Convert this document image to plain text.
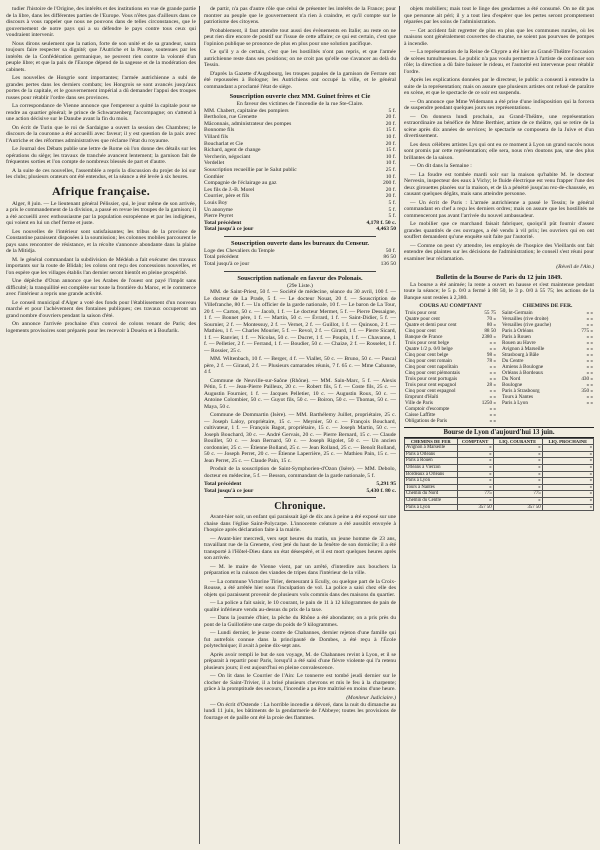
tudier l'histoire de l'Origine, des intérêts et des institutions en vue de grande partie de la libre, dans les différentes parties de l'Europe. Vous n'êtes pas d'ailleurs dans ce discours à vous rappeler que nous ne pouvons dans de telles circonstances, que le gouvernement de notre pays qui a su défendre le pays contre tous ceux qui voudraient intervenir.

Nous dirons seulement que la nation, forte de son unité et de sa grandeur, saura toujours faire respecter sa dignité; que l'Autriche et la Prusse, soutenues par les intérêts de la Confédération germanique, ne peuvent rien contre la volonté d'un peuple libre; et que la paix de l'Europe dépend de la sagesse et de la modération des cabinets.

Les nouvelles de Hongrie sont importantes; l'armée autrichienne a subi de grandes pertes dans les derniers combats; les Hongrois se sont avancés jusqu'aux portes de la capitale, et le gouvernement impérial a dû demander l'appui des troupes russes pour rétablir l'ordre dans ses provinces.

La correspondance de Vienne annonce que l'empereur a quitté la capitale pour se rendre au quartier général; le prince de Schwarzenberg l'accompagne; on s'attend à une action décisive sur le Danube avant la fin du mois.

On écrit de Turin que le roi de Sardaigne a ouvert la session des Chambres; le discours de la couronne a été accueilli avec faveur; il y est question de la paix avec l'Autriche et des réformes administratives que réclame l'état du royaume.

Le Journal des Débats publie une lettre de Rome où l'on donne des détails sur les opérations du siège; les travaux de tranchée avancent lentement; la garnison fait de fréquentes sorties et l'on compte de nombreux blessés de part et d'autre.

A la suite de ces nouvelles, l'assemblée a repris la discussion du projet de loi sur les clubs; plusieurs orateurs ont été entendus, et la séance a été levée à six heures.

Afrique française.

Alger, 8 juin. — Le lieutenant général Pélissier, qui, le jour même de son arrivée, a pris le commandement de la division, a passé en revue les troupes de la garnison; il a été accueilli avec enthousiasme par la population européenne et par les indigènes, qui voient en lui un chef ferme et juste.

Les nouvelles de l'intérieur sont satisfaisantes; les tribus de la province de Constantine paraissent disposées à la soumission; les colonnes mobiles parcourent le pays sans rencontrer de résistance, et la récolte s'annonce abondante dans la plaine de la Mitidja.

M. le général commandant la subdivision de Médéah a fait exécuter des travaux importants sur la route de Blidah; les colons ont reçu des concessions nouvelles, et l'on espère que les villages établis l'an dernier seront bientôt en pleine prospérité.

Une dépêche d'Oran annonce que les Arabes de l'ouest ont payé l'impôt sans difficulté; la tranquillité est complète sur toute la frontière du Maroc, et le commerce avec l'intérieur a repris une grande activité.

Le conseil municipal d'Alger a voté des fonds pour l'établissement d'un nouveau marché et pour l'achèvement des fontaines publiques; ces travaux occuperont un grand nombre d'ouvriers pendant la saison d'été.

On annonce l'arrivée prochaine d'un convoi de colons venant de Paris; des logements provisoires sont préparés pour les recevoir à Douéra et à Boufarik.

de partir, n'a pas d'autre rôle que celui de présenter les intérêts de la France; pour montrer au peuple que le gouvernement n'a rien à craindre, et qu'il compte sur le patriotisme des citoyens.

Probablement, il faut attendre tout aussi des évènements en Italie; au reste on ne peut rien dire encore de positif sur l'issue de cette affaire; ce qui est certain, c'est que l'opinion publique se prononce de plus en plus pour une solution pacifique.

Ce qu'il y a de certain, c'est que les hostilités n'ont pas repris, et que l'armée autrichienne reste dans ses positions; on ne croit pas qu'elle ose s'avancer au delà du Tessin.

D'après la Gazette d'Augsbourg, les troupes papales de la garnison de Ferrare ont été repoussées à Bologne; les Autrichiens ont occupé la ville, et le général commandant a proclamé l'état de siège.

Souscription ouverte chez MM. Guinet frères et Cie
En faveur des victimes de l'incendie de la rue Ste-Claire.
MM. Chabert, capitaine des pompiers	5 f.
Bertholon, rue Grenette	20 f.
Mâconnais, administrateur des pompes	20 f.
Bonnome fils	15 f.
Villard fils	10 f.
Boucharlat et Cie	20 f.
Richard, agent de change	15 f.
Vercherin, négociant	10 f.
Verdellet	10 f.
Souscription recueillie par le Salut public	25 f.
Gonthier	10 f.
Compagnie de l'éclairage au gaz	200 f.
Les fils de J.-B. Morel	20 f.
Courrier, père et fils	20 f.
Louis Boy	5 f.
Un anonyme	5 f.
Pierre Peyret	5 f.
Total précédent	4,178 f. 50 c.
Total jusqu'à ce jour	4,463 50
Souscription ouverte dans les bureaux du Censeur.
Loge des Chevaliers du Temple	50 f.
Total précédent	86 50
Total jusqu'à ce jour	136 50
Souscription nationale en faveur des Polonais.
(29e Liste.)

MM. de Saint-Priest, 50 f. — Société de médecine, séance du 30 avril, 100 f. — Le docteur de La Prade, 5 f. — Le docteur Nouat, 20 f. — Souscription de Villefranche, 80 f. — Un officier de la garde nationale, 10 f. — Le baron de La Tour, 20 f. — Carton, 50 c. — Jacob, 1 f. — Le docteur Mermet, 5 f. — Pierre Dessaigne, 1 f. — Bonnet père, 1 f. — Martin, 50 c. — Évrard, 1 f. — Saint-Didier, 5 f. — Sournier, 2 f. — Montessuy, 2 f. — Vernet, 2 f. — Guillot, 1 f. — Quinson, 2 f. — Mathieu, 1 f. — Charles Mourier, 5 f. — Revol, 2 f. — Girard, 1 f. — Pierre Sicard, 1 f. — Ranvier, 1 f. — Nicolas, 50 c. — Ducret, 1 f. — Poupin, 1 f. — Chavanne, 1 f. — Pelletier, 2 f. — Ferrand, 1 f. — Boudier, 50 c. — Chaize, 2 f. — Rosselet, 1 f. — Rossier, 25 c.

MM. Wiltenbach, 10 f. — Berger, 4 f. — Viallet, 50 c. — Bruno, 50 c. — Pascal père, 2 f. — Giraud, 2 f. — Plusieurs camarades réunis, 7 f. 65 c. — Mme Cabanne, 4 f.

Commune de Neuville-sur-Saône (Rhône). — MM. Sain-Marc, 5 f. — Alexis Pétin, 5 f. — Jean-Pierre Pailleux, 20 c. — Robert fils, 5 f. — Coste fils, 25 c. — Augustin Fournier, 1 f. — Jacques Pelletier, 10 c. — Augustin Roux, 50 c. — Antoine Colombier, 50 c. — Guyot fils, 50 c. — Boiron, 50 c. — Thomas, 50 c. — Maya, 50 c.

Commune de Dommartin (Isère). — MM. Barthélemy Juillet, propriétaire, 25 c. — Joseph Laloy, propriétaire, 15 c. — Meynier, 50 c. — François Bouchard, cultivateur, 1 f. — François Bagot, propriétaire, 15 c. — Joseph Martin, 50 c. — Joseph Bouchard, 30 c. — André Gervais, 20 c. — Pierre Bernard, 15 c. — Claude Bouillet, 50 c. — Jean Bernard, 50 c. — Joseph Rigolet, 50 c. — Un ancien cordonnier, 25 c. — Étienne Bolland, 25 c. — Jean Rolland, 25 c. — Benoît Rolland, 50 c. — Joseph Perret, 20 c. — Étienne Laperrière, 25 c. — Mathieu Pain, 15 c. — Jean Perret, 25 c. — Claude Pain, 15 c.

Produit de la souscription de Saint-Symphorien-d'Ozon (Isère). — MM. Debolo, docteur en médecine, 5 f. — Besson, commandant de la garde nationale, 5 f.

Total précédent	5,291 95
Total jusqu'à ce jour	5,430 f. 80 c.
Chronique.

Avant-hier soir, un enfant qui paraissait âgé de dix ans à peine a été exposé sur une chaise dans l'église Saint-Polycarpe. L'innocente créature a été aussitôt envoyée à l'hospice après déclaration faite à la mairie.

— Avant-hier mercredi, vers sept heures du matin, un jeune homme de 23 ans, travaillant rue de la Grenette, s'est jeté du haut de la fenêtre de son domicile; il a été transporté à l'Hôtel-Dieu dans un état désespéré, et il est mort quelques heures après son arrivée.

— M. le maire de Vienne vient, par un arrêté, d'interdire aux bouchers la préparation et la cuisson des viandes de tripes dans l'intérieur de la ville.

— La commune Victorine Tirier, demeurant à Ecully, ou quelque part de la Croix-Rousse, a été arrêtée hier sous l'inculpation de vol. La police a saisi chez elle des objets qui paraissent provenir de plusieurs vols commis dans des maisons du quartier.

— La police a fait saisir, le 10 courant, le pain de 11 à 12 kilogrammes de pain de qualité inférieure vendu au-dessus du prix de la taxe.

— Dans la journée d'hier, la pêche du Rhône a été abondante; on a pris près du pont de la Guillotière une carpe du poids de 9 kilogrammes.

— Lundi dernier, le jeune contre de Chabannes, dernier rejeton d'une famille qui fut autrefois connue dans la principauté de Dombes, a été reçu à l'École polytechnique; il avait à peine dix-sept ans.

Après avoir rempli le but de son voyage, M. de Chabannes revint à Lyon, et il se préparait à repartir pour Paris, lorsqu'il a été saisi d'une fièvre violente qui l'a retenu plusieurs jours; il est aujourd'hui en pleine convalescence.

— On lit dans le Courrier de l'Ain: Le tonnerre est tombé jeudi dernier sur le clocher de Saint-Trivier, il a brisé plusieurs chevrons et mis le feu à la charpente; grâce à la promptitude des secours, l'incendie a pu être maîtrisé en moins d'une heure.

(Moniteur Judiciaire.)

— On écrit d'Ostende : La horrible incendie a dévoré, dans la nuit du dimanche au lundi 11 juin, les bâtiments de la gendarmerie de l'Abbeye; toutes les provisions de fourrage et de paille ont été la proie des flammes.

objets mobiliers; mais tout le linge des gendarmes a été consumé. On ne dit pas que personne ait péri; il y a tout lieu d'espérer que les pertes seront promptement réparées par les soins de l'administration.

— Cet accident fait regretter de plus en plus que les communes rurales, où les maisons sont généralement couvertes de chaume, ne soient pas pourvues de pompes à incendie.

— La représentation de la Reine de Chypre a été hier au Grand-Théâtre l'occasion de scènes tumultueuses. Le public n'a pas voulu permettre à l'artiste de continuer son rôle; la direction a dû faire baisser le rideau, et l'autorité est intervenue pour rétablir l'ordre.

Après les explications données par le directeur, le public a consenti à entendre la suite de la représentation; mais on assure que plusieurs artistes ont refusé de paraître en scène, et que le spectacle de ce soir est suspendu.

— On annonce que Mme Widemann a été prise d'une indisposition qui la forcera de suspendre pendant quelques jours ses représentations.

— On donnera lundi prochain, au Grand-Théâtre, une représentation extraordinaire au bénéfice de Mme Berthier, artiste de ce théâtre, qui se retire de la scène après dix années de services; le spectacle se composera de la Juive et d'un divertissement.

Les deux célèbres artistes Lys qui ont eu ce moment à Lyon un grand succès nous sont promis par cette représentation; elle sera, nous n'en doutons pas, une des plus brillantes de la saison.

— On dit dans la Semaine :

— La foudre est tombée mardi soir sur la maison qu'habite M. le docteur Nervesin, inspecteur des eaux à Vichy; le fluide électrique est venu frapper l'une des deux girouettes placées sur la maison, et de là a pénétré jusqu'au rez-de-chaussée, en causant quelques dégâts, mais sans atteindre personne.

— Un écrit de Paris : L'armée autrichienne a passé le Tessin; le général commandant en chef a reçu les derniers ordres; mais on assure que les hostilités ne commenceront pas avant l'arrivée du nouvel ambassadeur.

Le mobilier que ce marchand faisait fabriquer, quoiqu'il pût fournir d'assez grandes quantités de ces ouvrages, a été vendu à vil prix; les ouvriers qui en ont souffert demandent qu'une enquête soit faite par l'autorité.

— Comme on peut s'y attendre, les employés de l'hospice des Vieillards ont fait entendre des plaintes sur les décisions de l'administration; le conseil s'est réuni pour examiner leur réclamation.

(Réveil de l'Ain.)
Bulletin de la Bourse de Paris du 12 juin 1849.

La bourse a été animée; la rente a ouvert en hausse et s'est maintenue pendant toute la séance; le 5 p. 0/0 a fermé à 88 50, le 3 p. 0/0 à 55 75; les actions de la Banque sont restées à 2,380.

COURS AU COMPTANT
Trois pour cent	55 75
Quatre pour cent	70 »
Quatre et demi pour cent	80 »
Cinq pour cent	88 50
Banque de France	2380 »
Trois pour cent belge	» »
Quatre 1/2 p. 0/0 belge	» »
Cinq pour cent belge	98 »
Cinq pour cent romain	78 »
Cinq pour cent napolitain	» »
Cinq pour cent piémontais	» »
Trois pour cent portugais	» »
Trois pour cent espagnol	28 »
Cinq pour cent espagnol	» »
Emprunt d'Haïti	» »
Ville de Paris	1250 »
Comptoir d'escompte	» »
Caisse Laffitte	» »
Obligations de Paris	» »
CHEMINS DE FER.
Saint-Germain	» »
Versailles (rive droite)	» »
Versailles (rive gauche)	» »
Paris à Orléans	775 »
Paris à Rouen	» »
Rouen au Havre	» »
Avignon à Marseille	» »
Strasbourg à Bâle	» »
Du Centre	» »
Amiens à Boulogne	» »
Orléans à Bordeaux	» »
Du Nord	430 »
Boulogne	» »
Paris à Strasbourg	350 »
Tours à Nantes	» »
Paris à Lyon	» »
Bourse de Lyon d'aujourd'hui 13 juin.
CHEMINS DE FER	COMPTANT	LIQ. COURANTE	LIQ. PROCHAINE
Avignon à Marseille	»	»	»
Paris à Orléans	»	»	»
Paris à Rouen	»	»	»
Orléans à Vierzon	»	»	»
Bordeaux à Orléans	»	»	»
Paris à Lyon	»	»	»
Tours à Nantes	»	»	»
Chemin du Nord	775	775	»
Chemin du Centre	»	»	»
Paris à Lyon	357 50	357 50	»
